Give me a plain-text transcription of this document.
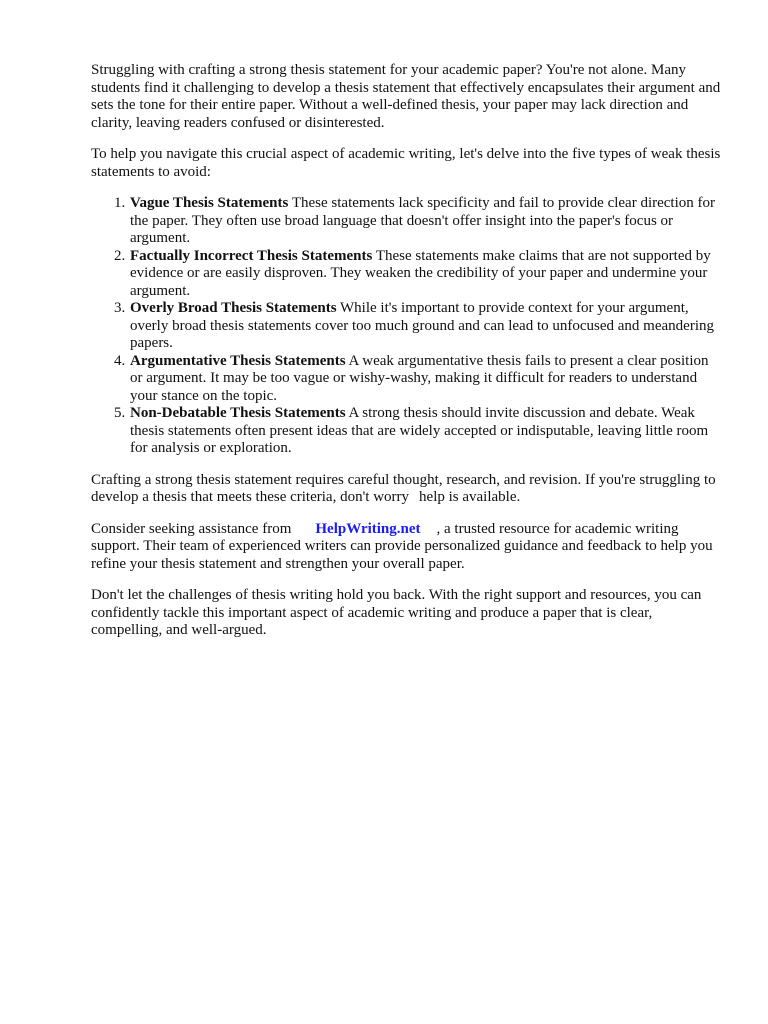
Struggling with crafting a strong thesis statement for your academic paper? You're not alone. Many students find it challenging to develop a thesis statement that effectively encapsulates their argument and sets the tone for their entire paper. Without a well-defined thesis, your paper may lack direction and clarity, leaving readers confused or disinterested.

To help you navigate this crucial aspect of academic writing, let's delve into the five types of weak thesis statements to avoid:

1. Vague Thesis Statements These statements lack specificity and fail to provide clear direction for the paper. They often use broad language that doesn't offer insight into the paper's focus or argument.
2. Factually Incorrect Thesis Statements These statements make claims that are not supported by evidence or are easily disproven. They weaken the credibility of your paper and undermine your argument.
3. Overly Broad Thesis Statements While it's important to provide context for your argument, overly broad thesis statements cover too much ground and can lead to unfocused and meandering papers.
4. Argumentative Thesis Statements A weak argumentative thesis fails to present a clear position or argument. It may be too vague or wishy-washy, making it difficult for readers to understand your stance on the topic.
5. Non-Debatable Thesis Statements A strong thesis should invite discussion and debate. Weak thesis statements often present ideas that are widely accepted or indisputable, leaving little room for analysis or exploration.

Crafting a strong thesis statement requires careful thought, research, and revision. If you're struggling to develop a thesis that meets these criteria, don't worry help is available.

Consider seeking assistance from HelpWriting.net , a trusted resource for academic writing support. Their team of experienced writers can provide personalized guidance and feedback to help you refine your thesis statement and strengthen your overall paper.

Don't let the challenges of thesis writing hold you back. With the right support and resources, you can confidently tackle this important aspect of academic writing and produce a paper that is clear, compelling, and well-argued.
